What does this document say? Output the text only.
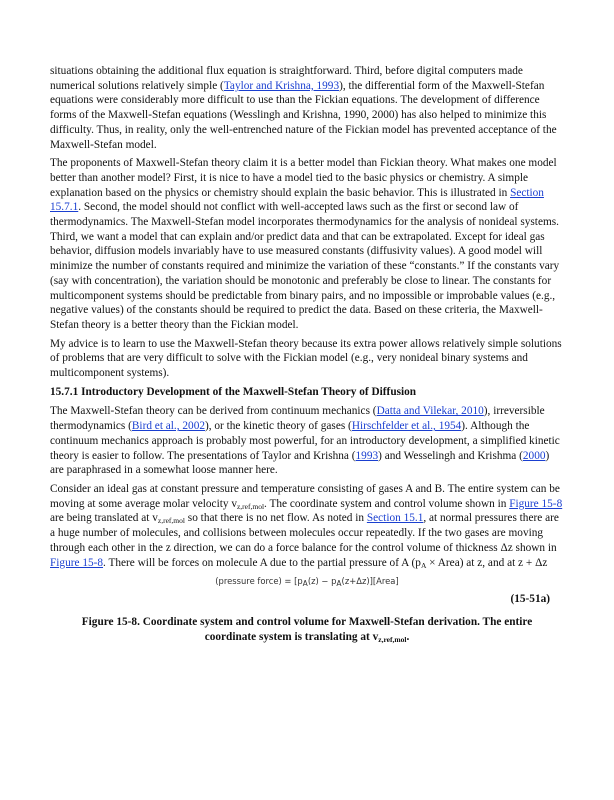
situations obtaining the additional flux equation is straightforward. Third, before digital computers made numerical solutions relatively simple (Taylor and Krishna, 1993), the differential form of the Maxwell-Stefan equations were considerably more difficult to use than the Fickian equations. The development of difference forms of the Maxwell-Stefan equations (Wesslingh and Krishna, 1990, 2000) has also helped to minimize this difficulty. Thus, in reality, only the well-entrenched nature of the Fickian model has prevented acceptance of the Maxwell-Stefan model.

The proponents of Maxwell-Stefan theory claim it is a better model than Fickian theory. What makes one model better than another model? First, it is nice to have a model tied to the basic physics or chemistry. A simple explanation based on the physics or chemistry should explain the basic behavior. This is illustrated in Section 15.7.1. Second, the model should not conflict with well-accepted laws such as the first or second law of thermodynamics. The Maxwell-Stefan model incorporates thermodynamics for the analysis of nonideal systems. Third, we want a model that can explain and/or predict data and that can be extrapolated. Except for ideal gas behavior, diffusion models invariably have to use measured constants (diffusivity values). A good model will minimize the number of constants required and minimize the variation of these “constants.” If the constants vary (say with concentration), the variation should be monotonic and preferably be close to linear. The constants for multicomponent systems should be predictable from binary pairs, and no impossible or improbable values (e.g., negative values) of the constants should be required to predict the data. Based on these criteria, the Maxwell-Stefan theory is a better theory than the Fickian model.

My advice is to learn to use the Maxwell-Stefan theory because its extra power allows relatively simple solutions of problems that are very difficult to solve with the Fickian model (e.g., very nonideal binary systems and multicomponent systems).

15.7.1 Introductory Development of the Maxwell-Stefan Theory of Diffusion

The Maxwell-Stefan theory can be derived from continuum mechanics (Datta and Vilekar, 2010), irreversible thermodynamics (Bird et al., 2002), or the kinetic theory of gases (Hirschfelder et al., 1954). Although the continuum mechanics approach is probably most powerful, for an introductory development, a simplified kinetic theory is easier to follow. The presentations of Taylor and Krishna (1993) and Wesselingh and Krishma (2000) are paraphrased in a somewhat loose manner here.

Consider an ideal gas at constant pressure and temperature consisting of gases A and B. The entire system can be moving at some average molar velocity $v_{z,ref,mol}$. The coordinate system and control volume shown in Figure 15-8 are being translated at $v_{z,ref,mol}$ so that there is no net flow. As noted in Section 15.1, at normal pressures there are a huge number of molecules, and collisions between molecules occur repeatedly. If the two gases are moving through each other in the z direction, we can do a force balance for the control volume of thickness Δz shown in Figure 15-8. There will be forces on molecule A due to the partial pressure of A ($p_A$ × Area) at z, and at z + Δz

(pressure force) = [$p_A(z)$ − $p_A(z+\Delta z)][Area]$
(15-51a)
Figure 15-8. Coordinate system and control volume for Maxwell-Stefan derivation. The entire coordinate system is translating at $v_{z,ref,mol}$.
